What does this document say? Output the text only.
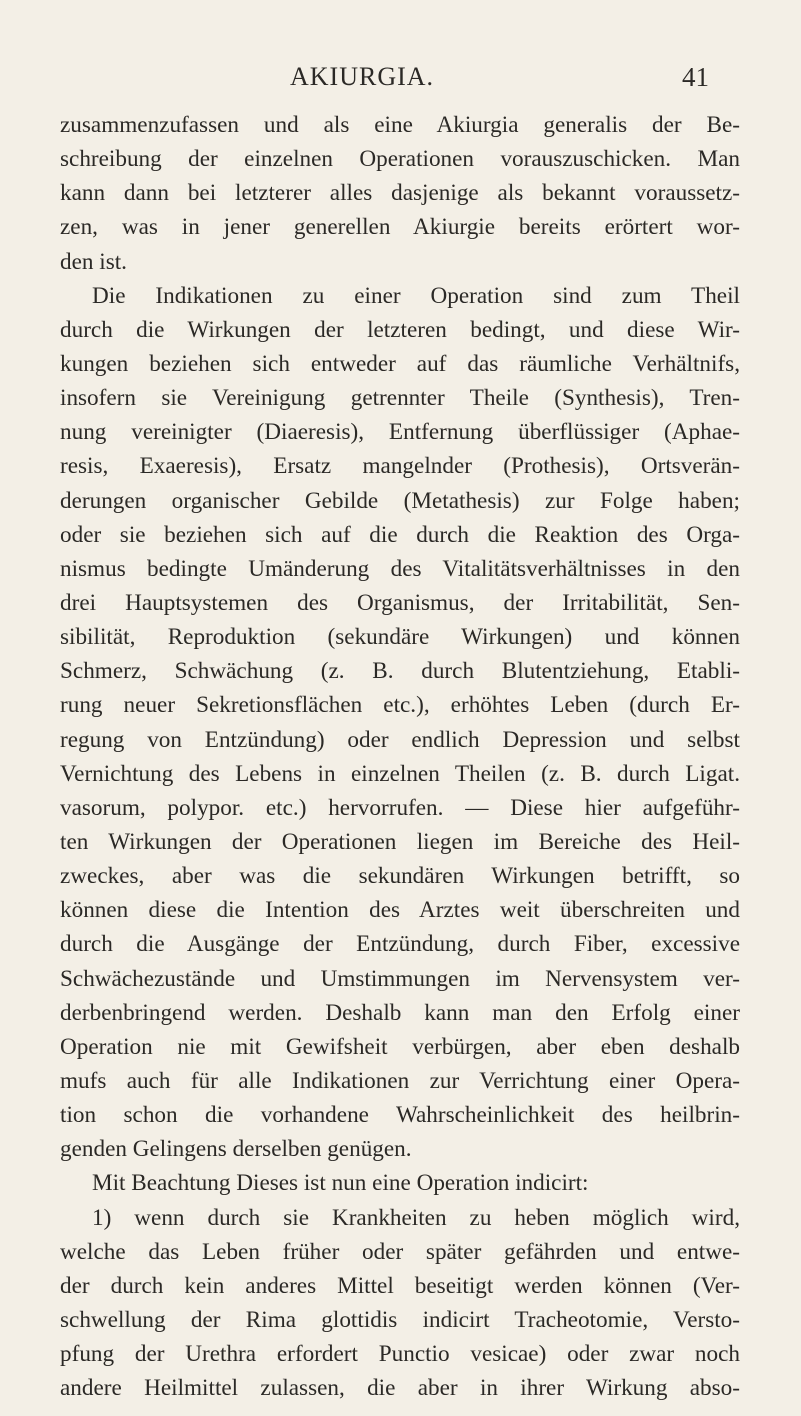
AKIURGIA.	41
zusammenzufassen und als eine Akiurgia generalis der Be-
schreibung der einzelnen Operationen vorauszuschicken. Man
kann dann bei letzterer alles dasjenige als bekannt voraussetz-
zen, was in jener generellen Akiurgie bereits erörtert wor-
den ist.
Die Indikationen zu einer Operation sind zum Theil
durch die Wirkungen der letzteren bedingt, und diese Wir-
kungen beziehen sich entweder auf das räumliche Verhältnifs,
insofern sie Vereinigung getrennter Theile (Synthesis), Tren-
nung vereinigter (Diaeresis), Entfernung überflüssiger (Aphae-
resis, Exaeresis), Ersatz mangelnder (Prothesis), Ortsverän-
derungen organischer Gebilde (Metathesis) zur Folge haben;
oder sie beziehen sich auf die durch die Reaktion des Orga-
nismus bedingte Umänderung des Vitalitätsverhältnisses in den
drei Hauptsystemen des Organismus, der Irritabilität, Sen-
sibilität, Reproduktion (sekundäre Wirkungen) und können
Schmerz, Schwächung (z. B. durch Blutentziehung, Etabli-
rung neuer Sekretionsflächen etc.), erhöhtes Leben (durch Er-
regung von Entzündung) oder endlich Depression und selbst
Vernichtung des Lebens in einzelnen Theilen (z. B. durch Ligat.
vasorum, polypor. etc.) hervorrufen. — Diese hier aufgeführ-
ten Wirkungen der Operationen liegen im Bereiche des Heil-
zweckes, aber was die sekundären Wirkungen betrifft, so
können diese die Intention des Arztes weit überschreiten und
durch die Ausgänge der Entzündung, durch Fiber, excessive
Schwächezustände und Umstimmungen im Nervensystem ver-
derbenbringend werden. Deshalb kann man den Erfolg einer
Operation nie mit Gewifsheit verbürgen, aber eben deshalb
mufs auch für alle Indikationen zur Verrichtung einer Opera-
tion schon die vorhandene Wahrscheinlichkeit des heilbrin-
genden Gelingens derselben genügen.
Mit Beachtung Dieses ist nun eine Operation indicirt:
1) wenn durch sie Krankheiten zu heben möglich wird,
welche das Leben früher oder später gefährden und entwe-
der durch kein anderes Mittel beseitigt werden können (Ver-
schwellung der Rima glottidis indicirt Tracheotomie, Versto-
pfung der Urethra erfordert Punctio vesicae) oder zwar noch
andere Heilmittel zulassen, die aber in ihrer Wirkung abso-
